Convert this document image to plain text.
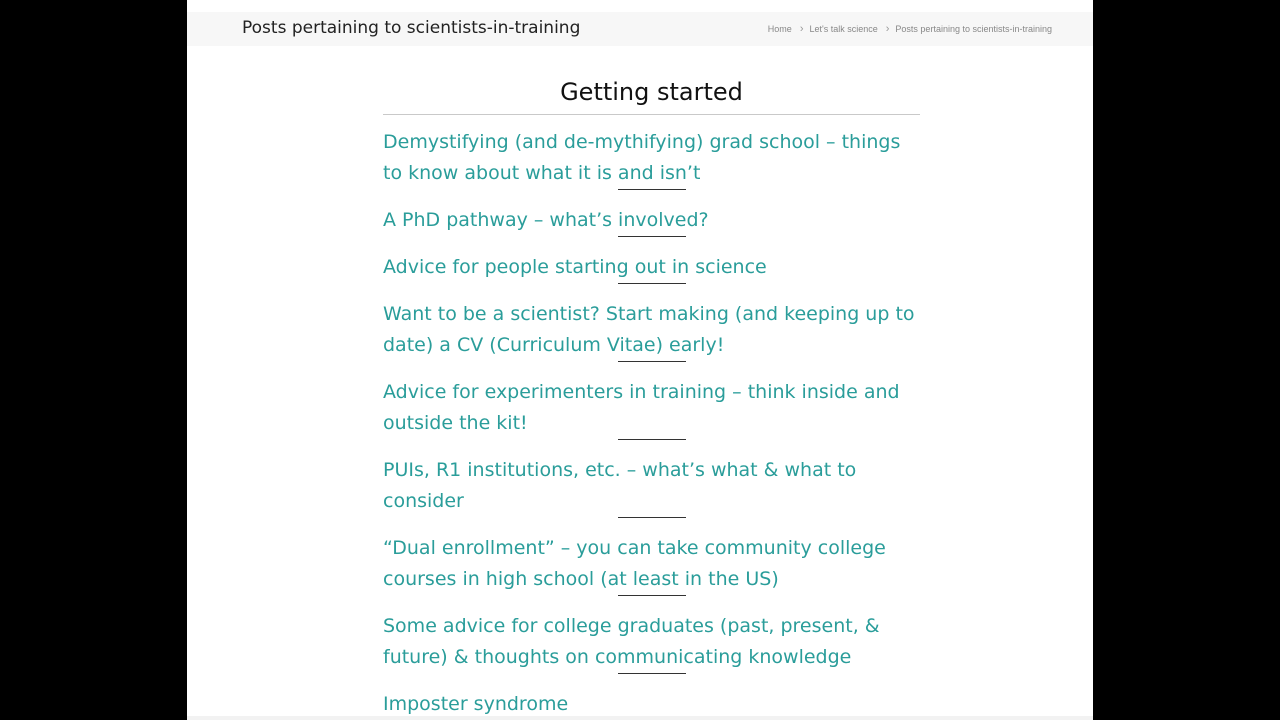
Posts pertaining to scientists-in-training	Home › Let's talk science › Posts pertaining to scientists-in-training
Getting started
Demystifying (and de-mythifying) grad school – things to know about what it is and isn’t
A PhD pathway – what’s involved?
Advice for people starting out in science
Want to be a scientist? Start making (and keeping up to date) a CV (Curriculum Vitae) early!
Advice for experimenters in training – think inside and outside the kit!
PUIs, R1 institutions, etc. – what’s what & what to consider
“Dual enrollment” – you can take community college courses in high school (at least in the US)
Some advice for college graduates (past, present, & future) & thoughts on communicating knowledge
Imposter syndrome
